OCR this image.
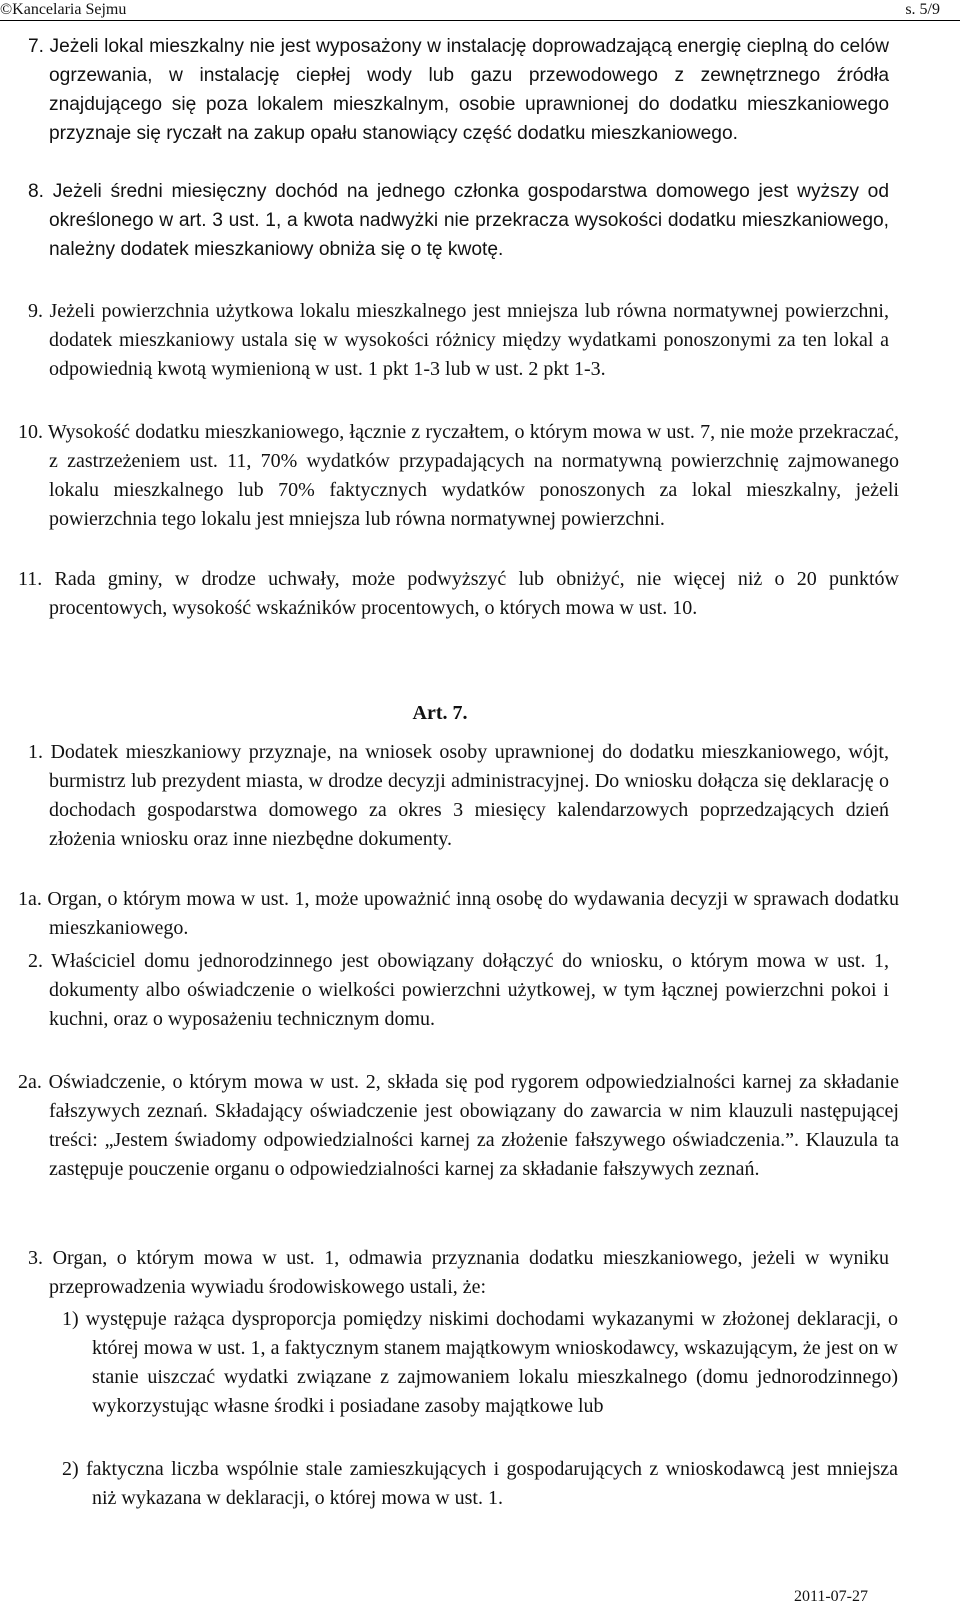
©Kancelaria Sejmu	s. 5/9

7. Jeżeli lokal mieszkalny nie jest wyposażony w instalację doprowadzającą energię cieplną do celów ogrzewania, w instalację ciepłej wody lub gazu przewodowego z zewnętrznego źródła znajdującego się poza lokalem mieszkalnym, osobie uprawnionej do dodatku mieszkaniowego przyznaje się ryczałt na zakup opału stanowiący część dodatku mieszkaniowego.

8. Jeżeli średni miesięczny dochód na jednego członka gospodarstwa domowego jest wyższy od określonego w art. 3 ust. 1, a kwota nadwyżki nie przekracza wysokości dodatku mieszkaniowego, należny dodatek mieszkaniowy obniża się o tę kwotę.

9. Jeżeli powierzchnia użytkowa lokalu mieszkalnego jest mniejsza lub równa normatywnej powierzchni, dodatek mieszkaniowy ustala się w wysokości różnicy między wydatkami ponoszonymi za ten lokal a odpowiednią kwotą wymienioną w ust. 1 pkt 1-3 lub w ust. 2 pkt 1-3.

10. Wysokość dodatku mieszkaniowego, łącznie z ryczałtem, o którym mowa w ust. 7, nie może przekraczać, z zastrzeżeniem ust. 11, 70% wydatków przypadających na normatywną powierzchnię zajmowanego lokalu mieszkalnego lub 70% faktycznych wydatków ponoszonych za lokal mieszkalny, jeżeli powierzchnia tego lokalu jest mniejsza lub równa normatywnej powierzchni.

11. Rada gminy, w drodze uchwały, może podwyższyć lub obniżyć, nie więcej niż o 20 punktów procentowych, wysokość wskaźników procentowych, o których mowa w ust. 10.

Art. 7.

1. Dodatek mieszkaniowy przyznaje, na wniosek osoby uprawnionej do dodatku mieszkaniowego, wójt, burmistrz lub prezydent miasta, w drodze decyzji administracyjnej. Do wniosku dołącza się deklarację o dochodach gospodarstwa domowego za okres 3 miesięcy kalendarzowych poprzedzających dzień złożenia wniosku oraz inne niezbędne dokumenty.

1a. Organ, o którym mowa w ust. 1, może upoważnić inną osobę do wydawania decyzji w sprawach dodatku mieszkaniowego.

2. Właściciel domu jednorodzinnego jest obowiązany dołączyć do wniosku, o którym mowa w ust. 1, dokumenty albo oświadczenie o wielkości powierzchni użytkowej, w tym łącznej powierzchni pokoi i kuchni, oraz o wyposażeniu technicznym domu.

2a. Oświadczenie, o którym mowa w ust. 2, składa się pod rygorem odpowiedzialności karnej za składanie fałszywych zeznań. Składający oświadczenie jest obowiązany do zawarcia w nim klauzuli następującej treści: „Jestem świadomy odpowiedzialności karnej za złożenie fałszywego oświadczenia.”. Klauzula ta zastępuje pouczenie organu o odpowiedzialności karnej za składanie fałszywych zeznań.

3. Organ, o którym mowa w ust. 1, odmawia przyznania dodatku mieszkaniowego, jeżeli w wyniku przeprowadzenia wywiadu środowiskowego ustali, że:

1) występuje rażąca dysproporcja pomiędzy niskimi dochodami wykazanymi w złożonej deklaracji, o której mowa w ust. 1, a faktycznym stanem majątkowym wnioskodawcy, wskazującym, że jest on w stanie uiszczać wydatki związane z zajmowaniem lokalu mieszkalnego (domu jednorodzinnego) wykorzystując własne środki i posiadane zasoby majątkowe lub

2) faktyczna liczba wspólnie stale zamieszkujących i gospodarujących z wnioskodawcą jest mniejsza niż wykazana w deklaracji, o której mowa w ust. 1.

2011-07-27
